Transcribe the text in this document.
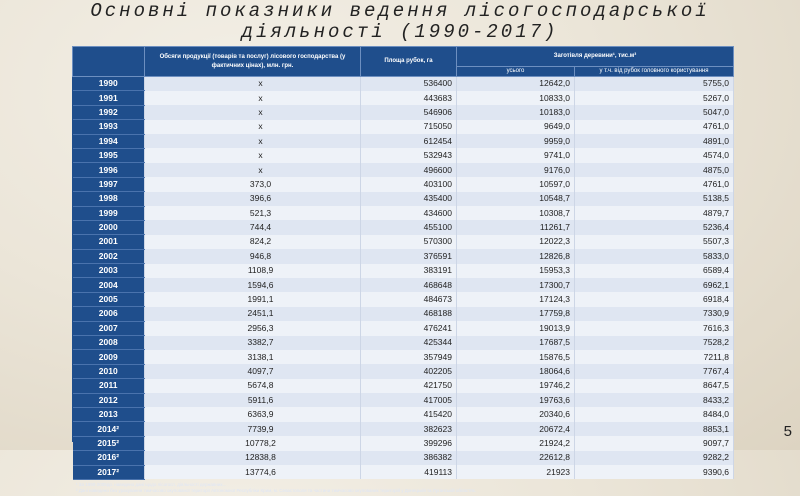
Основні показники ведення лісогосподарської
діяльності (1990-2017)
	Обсяги продукції (товарів та послуг) лісового господарства (у фактичних цінах), млн. грн.	Площа рубок, га	Заготівля деревини¹, тис.м³	
			усього	у т.ч. від рубок головного користування
1990	x	536400	12642,0	5755,0
1991	x	443683	10833,0	5267,0
1992	x	546906	10183,0	5047,0
1993	x	715050	9649,0	4761,0
1994	x	612454	9959,0	4891,0
1995	x	532943	9741,0	4574,0
1996	x	496600	9176,0	4875,0
1997	373,0	403100	10597,0	4761,0
1998	396,6	435400	10548,7	5138,5
1999	521,3	434600	10308,7	4879,7
2000	744,4	455100	11261,7	5236,4
2001	824,2	570300	12022,3	5507,3
2002	946,8	376591	12826,8	5833,0
2003	1108,9	383191	15953,3	6589,4
2004	1594,6	468648	17300,7	6962,1
2005	1991,1	484673	17124,3	6918,4
2006	2451,1	468188	17759,8	7330,9
2007	2956,3	476241	19013,9	7616,3
2008	3382,7	425344	17687,5	7528,2
2009	3138,1	357949	15876,5	7211,8
2010	4097,7	402205	18064,6	7767,4
2011	5674,8	421750	19746,2	8647,5
2012	5911,6	417005	19763,6	8433,2
2013	6363,9	415420	20340,6	8484,0
2014²	7739,9	382623	20672,4	8853,1
2015²	10778,2	399296	21924,2	9097,7
2016²	12838,8	386382	22612,8	9282,2
2017²	13774,6	419113	21923	9390,6
¹ За 1990-2005рр. наведено дані щодо лісогосп. діяльності державних...
² Дані наведено без урахування тимчасово окупованої території Автономної Республіки Крим, м. Севастополя та частини тимчасово окупованих територій у Донецькій та Луганській областях.
5
